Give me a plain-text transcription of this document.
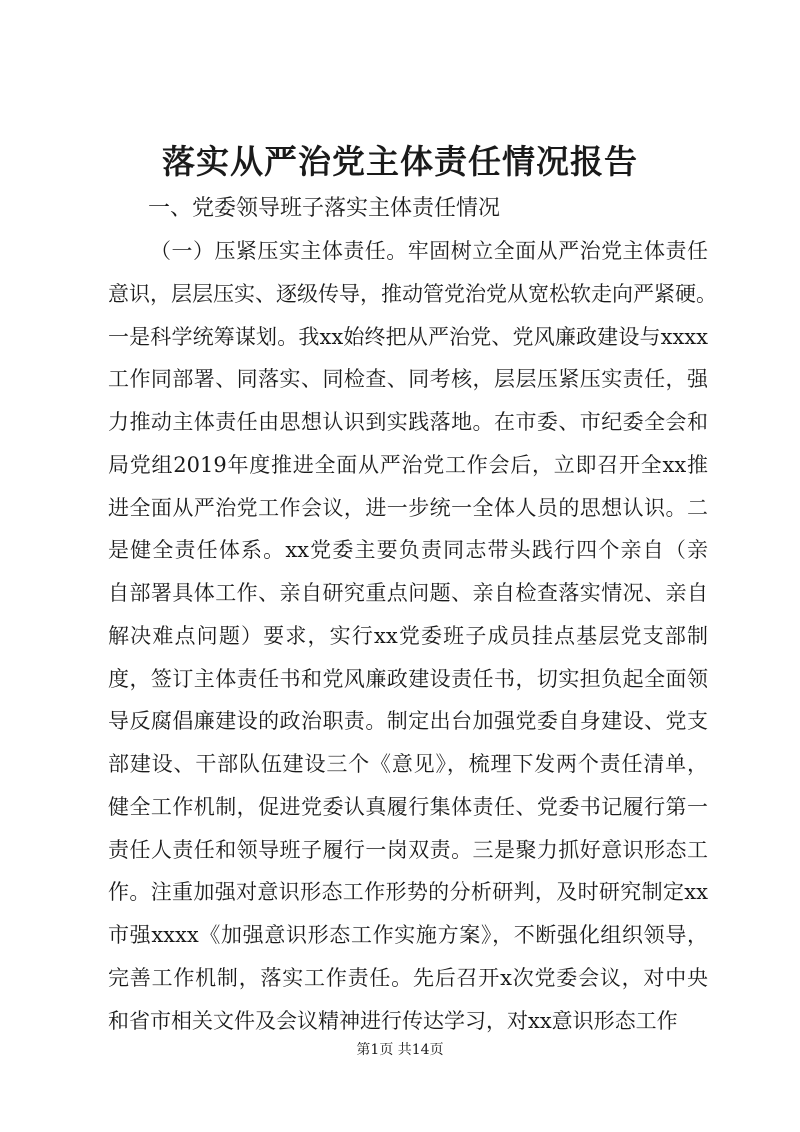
落实从严治党主体责任情况报告
一、党委领导班子落实主体责任情况
（一）压紧压实主体责任。牢固树立全面从严治党主体责任
意识，层层压实、逐级传导，推动管党治党从宽松软走向严紧硬。
一是科学统筹谋划。我xx始终把从严治党、党风廉政建设与xxxx
工作同部署、同落实、同检查、同考核，层层压紧压实责任，强
力推动主体责任由思想认识到实践落地。在市委、市纪委全会和
局党组2019年度推进全面从严治党工作会后，立即召开全xx推
进全面从严治党工作会议，进一步统一全体人员的思想认识。二
是健全责任体系。xx党委主要负责同志带头践行四个亲自（亲
自部署具体工作、亲自研究重点问题、亲自检查落实情况、亲自
解决难点问题）要求，实行xx党委班子成员挂点基层党支部制
度，签订主体责任书和党风廉政建设责任书，切实担负起全面领
导反腐倡廉建设的政治职责。制定出台加强党委自身建设、党支
部建设、干部队伍建设三个《意见》，梳理下发两个责任清单，
健全工作机制，促进党委认真履行集体责任、党委书记履行第一
责任人责任和领导班子履行一岗双责。三是聚力抓好意识形态工
作。注重加强对意识形态工作形势的分析研判，及时研究制定xx
市强xxxx《加强意识形态工作实施方案》，不断强化组织领导，
完善工作机制，落实工作责任。先后召开x次党委会议，对中央
和省市相关文件及会议精神进行传达学习，对xx意识形态工作
第1页 共14页
